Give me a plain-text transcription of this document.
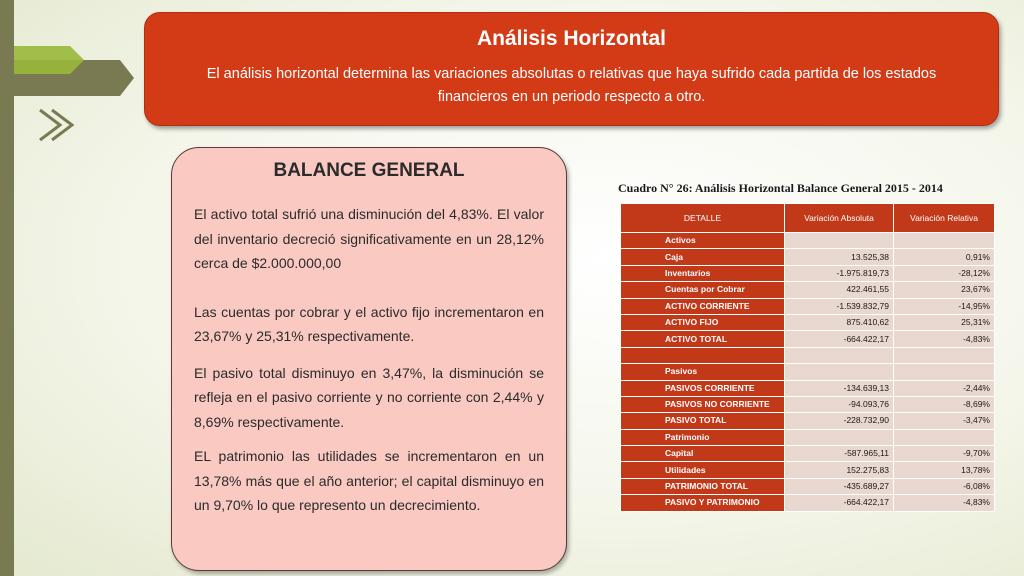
Análisis Horizontal
El análisis horizontal determina las variaciones absolutas o relativas que haya sufrido cada partida de los estados financieros en un periodo respecto a otro.
BALANCE GENERAL

El activo total sufrió una disminución del 4,83%. El valor del inventario decreció significativamente en un 28,12% cerca de $2.000.000,00

Las cuentas por cobrar y el activo fijo incrementaron en 23,67% y 25,31% respectivamente.

El pasivo total disminuyo en 3,47%, la disminución se refleja en el pasivo corriente y no corriente con 2,44% y 8,69% respectivamente.

EL patrimonio las utilidades se incrementaron en un 13,78% más que el año anterior; el capital disminuyo en un 9,70% lo que represento un decrecimiento.

Cuadro N° 26: Análisis Horizontal Balance General 2015 - 2014
DETALLE	Variación Absoluta	Variación Relativa
Activos		
Caja	13.525,38	0,91%
Inventarios	-1.975.819,73	-28,12%
Cuentas por Cobrar	422.461,55	23,67%
ACTIVO CORRIENTE	-1.539.832,79	-14,95%
ACTIVO FIJO	875.410,62	25,31%
ACTIVO TOTAL	-664.422,17	-4,83%

Pasivos		
PASIVOS CORRIENTE	-134.639,13	-2,44%
PASIVOS NO CORRIENTE	-94.093,76	-8,69%
PASIVO TOTAL	-228.732,90	-3,47%
Patrimonio		
Capital	-587.965,11	-9,70%
Utilidades	152.275,83	13,78%
PATRIMONIO TOTAL	-435.689,27	-6,08%
PASIVO Y PATRIMONIO	-664.422,17	-4,83%
